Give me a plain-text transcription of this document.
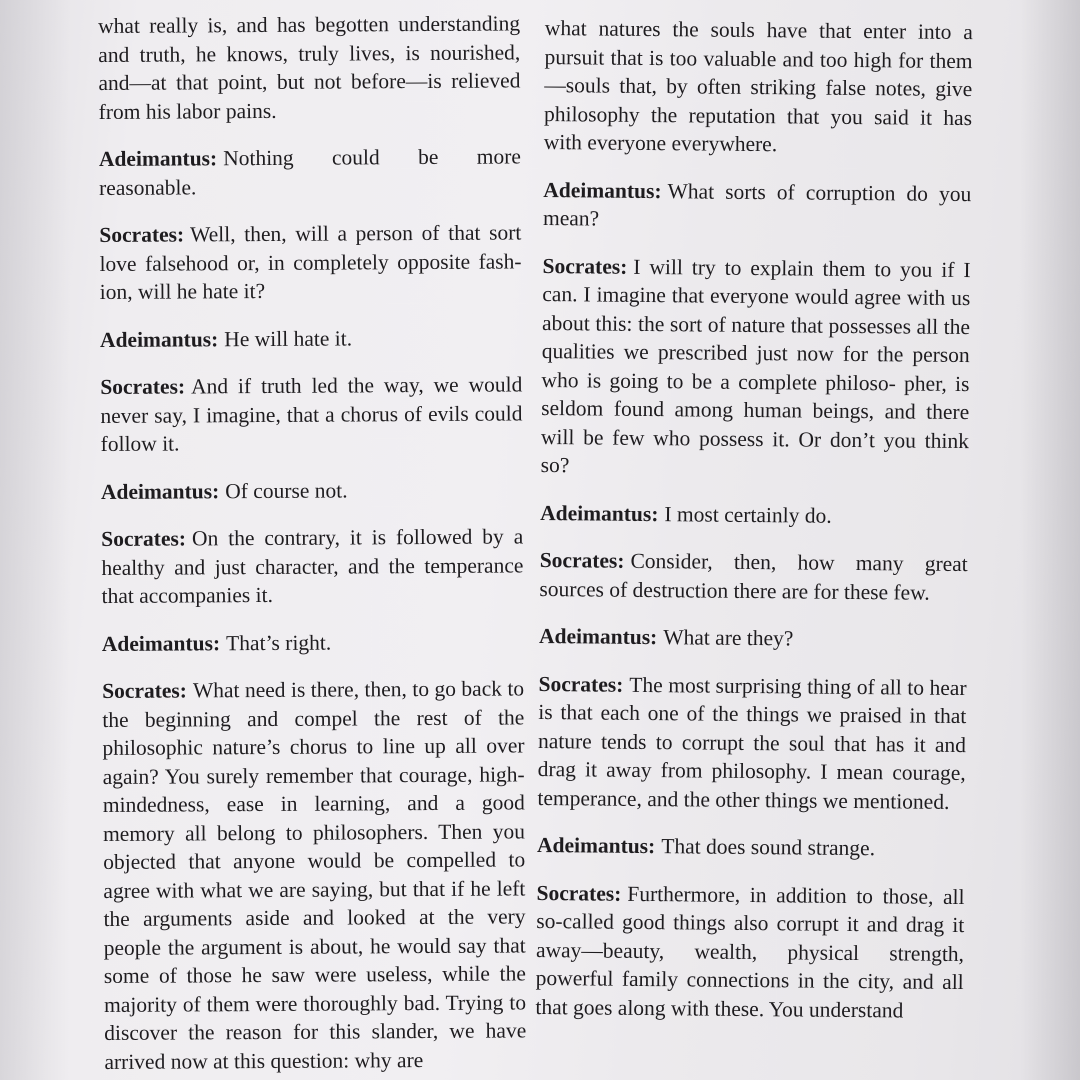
what really is, and has begotten understanding and truth, he knows, truly lives, is nourished, and—at that point, but not before—is relieved from his labor pains.

Adeimantus: Nothing could be more reasonable.

Socrates: Well, then, will a person of that sort love falsehood or, in completely opposite fash- ion, will he hate it?

Adeimantus: He will hate it.

Socrates: And if truth led the way, we would never say, I imagine, that a chorus of evils could follow it.

Adeimantus: Of course not.

Socrates: On the contrary, it is followed by a healthy and just character, and the temperance that accompanies it.

Adeimantus: That’s right.

Socrates: What need is there, then, to go back to the beginning and compel the rest of the philosophic nature’s chorus to line up all over again? You surely remember that courage, high-mindedness, ease in learning, and a good memory all belong to philosophers. Then you objected that anyone would be compelled to agree with what we are saying, but that if he left the arguments aside and looked at the very people the argument is about, he would say that some of those he saw were useless, while the majority of them were thoroughly bad. Trying to discover the reason for this slander, we have arrived now at this question: why are

what natures the souls have that enter into a pursuit that is too valuable and too high for them—souls that, by often striking false notes, give philosophy the reputation that you said it has with everyone everywhere.

Adeimantus: What sorts of corruption do you mean?

Socrates: I will try to explain them to you if I can. I imagine that everyone would agree with us about this: the sort of nature that possesses all the qualities we prescribed just now for the person who is going to be a complete philoso- pher, is seldom found among human beings, and there will be few who possess it. Or don’t you think so?

Adeimantus: I most certainly do.

Socrates: Consider, then, how many great sources of destruction there are for these few.

Adeimantus: What are they?

Socrates: The most surprising thing of all to hear is that each one of the things we praised in that nature tends to corrupt the soul that has it and drag it away from philosophy. I mean courage, temperance, and the other things we mentioned.

Adeimantus: That does sound strange.

Socrates: Furthermore, in addition to those, all so-called good things also corrupt it and drag it away—beauty, wealth, physical strength, powerful family connections in the city, and all that goes along with these. You understand
